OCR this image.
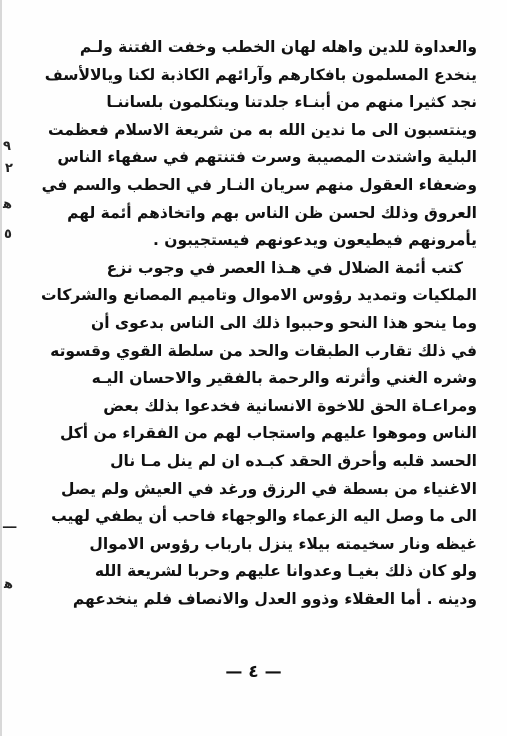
والعداوة للدين واهله لهان الخطب وخفت الفتنة ولـم
ينخدع المسلمون بافكارهم وآرائهم الكاذبة لكنا ويالالأسف
نجد كثيرا منهم من أبنـاء جلدتنا ويتكلمون بلساننـا
وينتسبون الى ما ندين الله به من شريعة الاسلام فعظمت
البلية واشتدت المصيبة وسرت فتنتهم في سفهاء الناس
وضعفاء العقول منهم سريان النـار في الحطب والسم في
العروق وذلك لحسن ظن الناس بهم واتخاذهم أئمة لهم
يأمرونهم فيطيعون ويدعونهم فيستجيبون .
كتب أئمة الضلال في هـذا العصر في وجوب نزع
الملكيات وتمديد رؤوس الاموال وتاميم المصانع والشركات
وما ينحو هذا النحو وحببوا ذلك الى الناس بدعوى أن
في ذلك تقارب الطبقات والحد من سلطة القوي وقسوته
وشره الغني وأثرته والرحمة بالفقير والاحسان اليـه
ومراعـاة الحق للاخوة الانسانية فخدعوا بذلك بعض
الناس وموهوا عليهم واستجاب لهم من الفقراء من أكل
الحسد قلبه وأحرق الحقد كبـده ان لم ينل مـا نال
الاغنياء من بسطة في الرزق ورغد في العيش ولم يصل
الى ما وصل اليه الزعماء والوجهاء فاحب أن يطفي لهيب
غيظه ونار سخيمته بيلاء ينزل بارباب رؤوس الاموال
ولو كان ذلك بغيـا وعدوانا عليهم وحربا لشريعة الله
ودينه . أما العقلاء وذوو العدل والانصاف فلم ينخدعهم
— ٤ —
٩
٢
ﻫ
٥
ـــ
ﻫ
